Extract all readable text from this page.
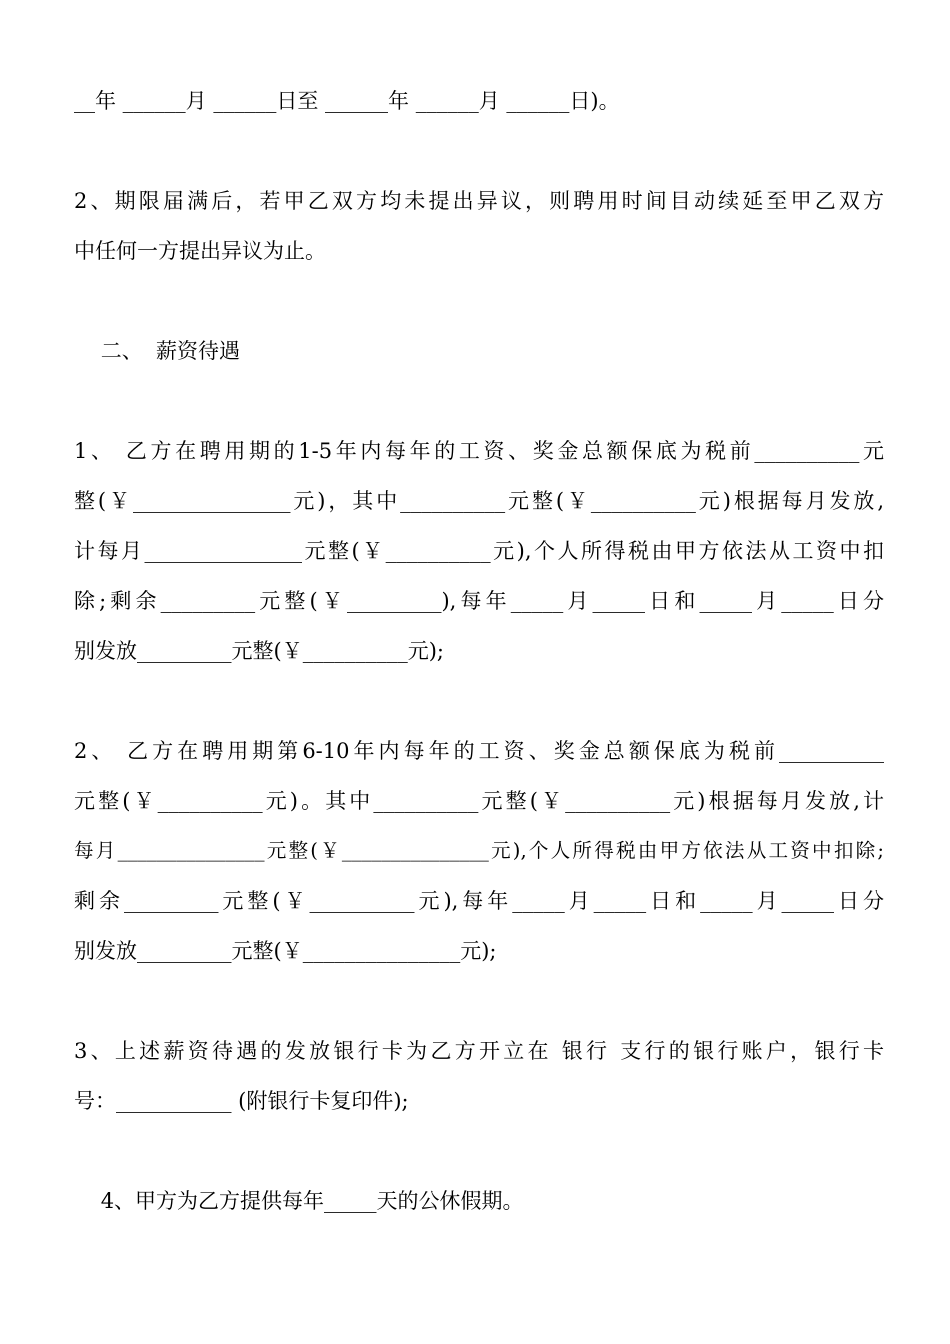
__年 ______月 ______日至 ______年 ______月 ______日)。
2、期限届满后，若甲乙双方均未提出异议，则聘用时间目动续延至甲乙双方
中任何一方提出异议为止。
二、  薪资待遇
1、 乙方在聘用期的1-5年内每年的工资、奖金总额保底为税前__________元
整(￥_______________元)，其中__________元整(￥__________元)根据每月发放,
计每月_______________元整(￥__________元),个人所得税由甲方依法从工资中扣
除;剩余_________元整(￥_________),每年_____月_____日和_____月_____日分
别发放_________元整(￥__________元);
2、 乙方在聘用期第6-10年内每年的工资、奖金总额保底为税前__________
元整(￥__________元)。其中__________元整(￥__________元)根据每月发放,计
每月_______________元整(￥_______________元),个人所得税由甲方依法从工资中扣除;
剩余_________元整(￥__________元),每年_____月_____日和_____月_____日分
别发放_________元整(￥_______________元);
3、上述薪资待遇的发放银行卡为乙方开立在 银行 支行的银行账户，银行卡
号：___________ (附银行卡复印件);
4、甲方为乙方提供每年_____天的公休假期。
